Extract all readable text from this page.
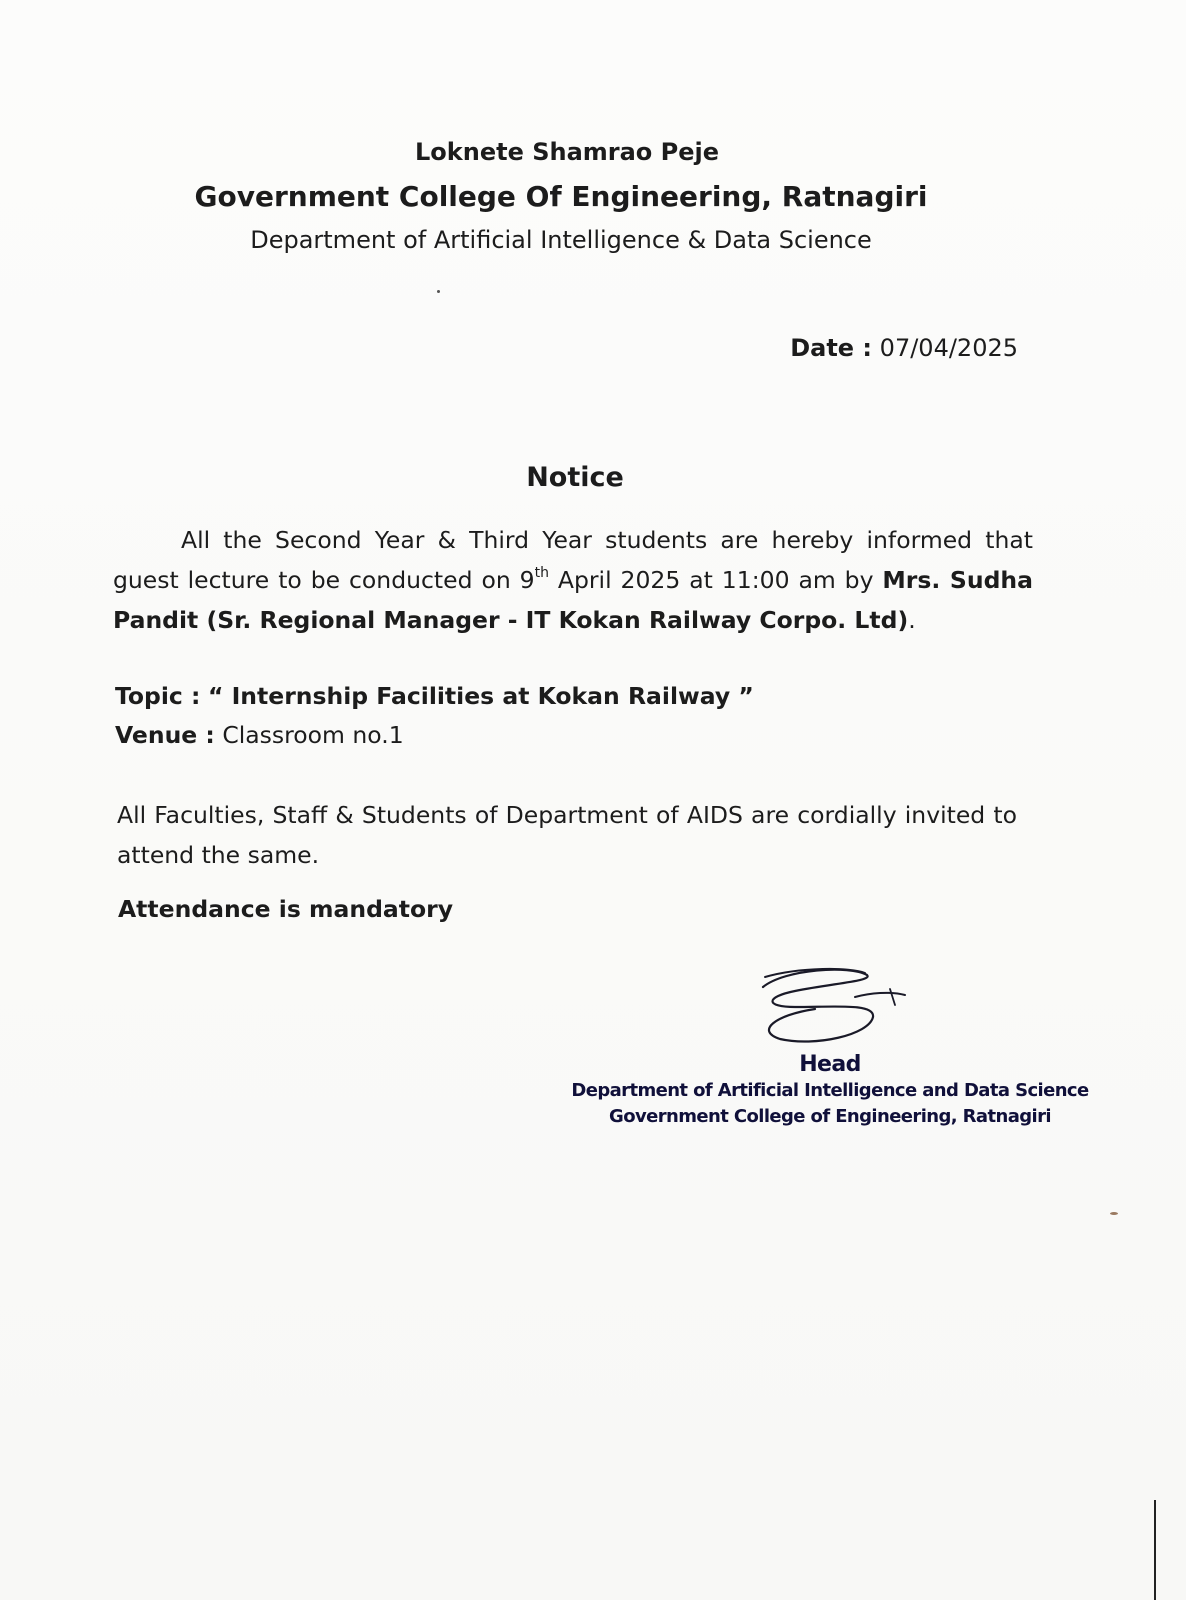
Loknete Shamrao Peje
Government College Of Engineering, Ratnagiri
Department of Artificial Intelligence & Data Science
Date : 07/04/2025
Notice
All the Second Year & Third Year students are hereby informed that
guest lecture to be conducted on 9th April 2025 at 11:00 am by Mrs. Sudha
Pandit (Sr. Regional Manager - IT Kokan Railway Corpo. Ltd).
Topic : “ Internship Facilities at Kokan Railway ”
Venue : Classroom no.1
All Faculties, Staff & Students of Department of AIDS are cordially invited to
attend the same.
Attendance is mandatory
Head
Department of Artificial Intelligence and Data Science
Government College of Engineering, Ratnagiri
